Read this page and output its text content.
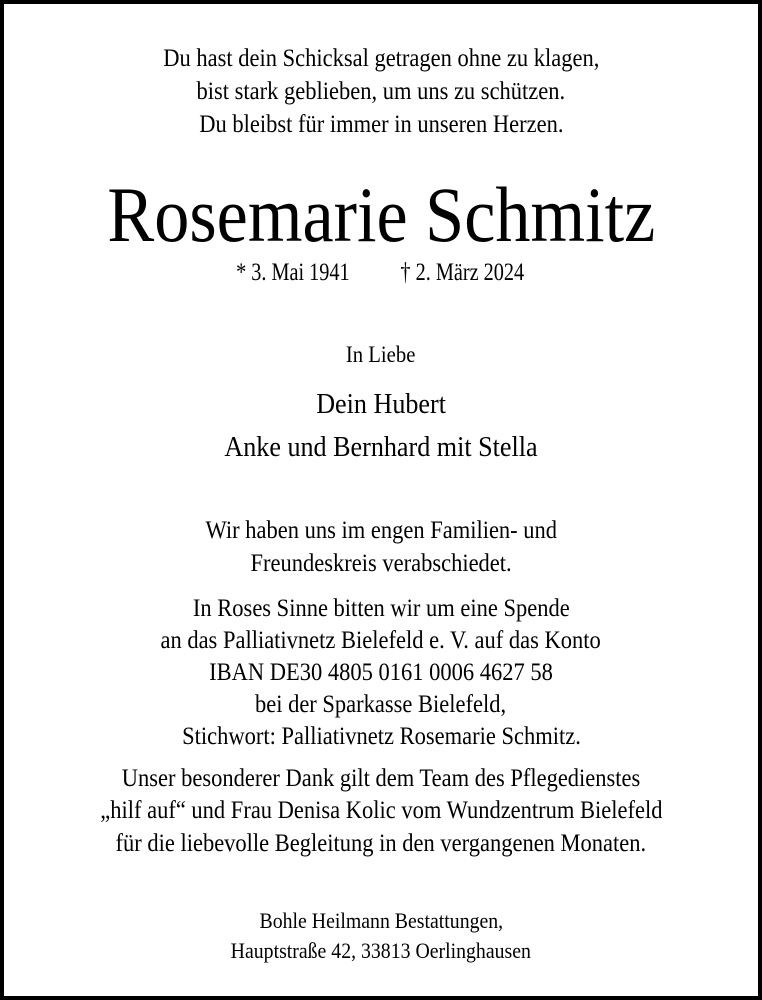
Du hast dein Schicksal getragen ohne zu klagen,
bist stark geblieben, um uns zu schützen.
Du bleibst für immer in unseren Herzen.
Rosemarie Schmitz
* 3. Mai 1941 † 2. März 2024
In Liebe
Dein Hubert
Anke und Bernhard mit Stella
Wir haben uns im engen Familien- und
Freundeskreis verabschiedet.
In Roses Sinne bitten wir um eine Spende
an das Palliativnetz Bielefeld e. V. auf das Konto
IBAN DE30 4805 0161 0006 4627 58
bei der Sparkasse Bielefeld,
Stichwort: Palliativnetz Rosemarie Schmitz.
Unser besonderer Dank gilt dem Team des Pflegedienstes
„hilf auf“ und Frau Denisa Kolic vom Wundzentrum Bielefeld
für die liebevolle Begleitung in den vergangenen Monaten.
Bohle Heilmann Bestattungen,
Hauptstraße 42, 33813 Oerlinghausen
